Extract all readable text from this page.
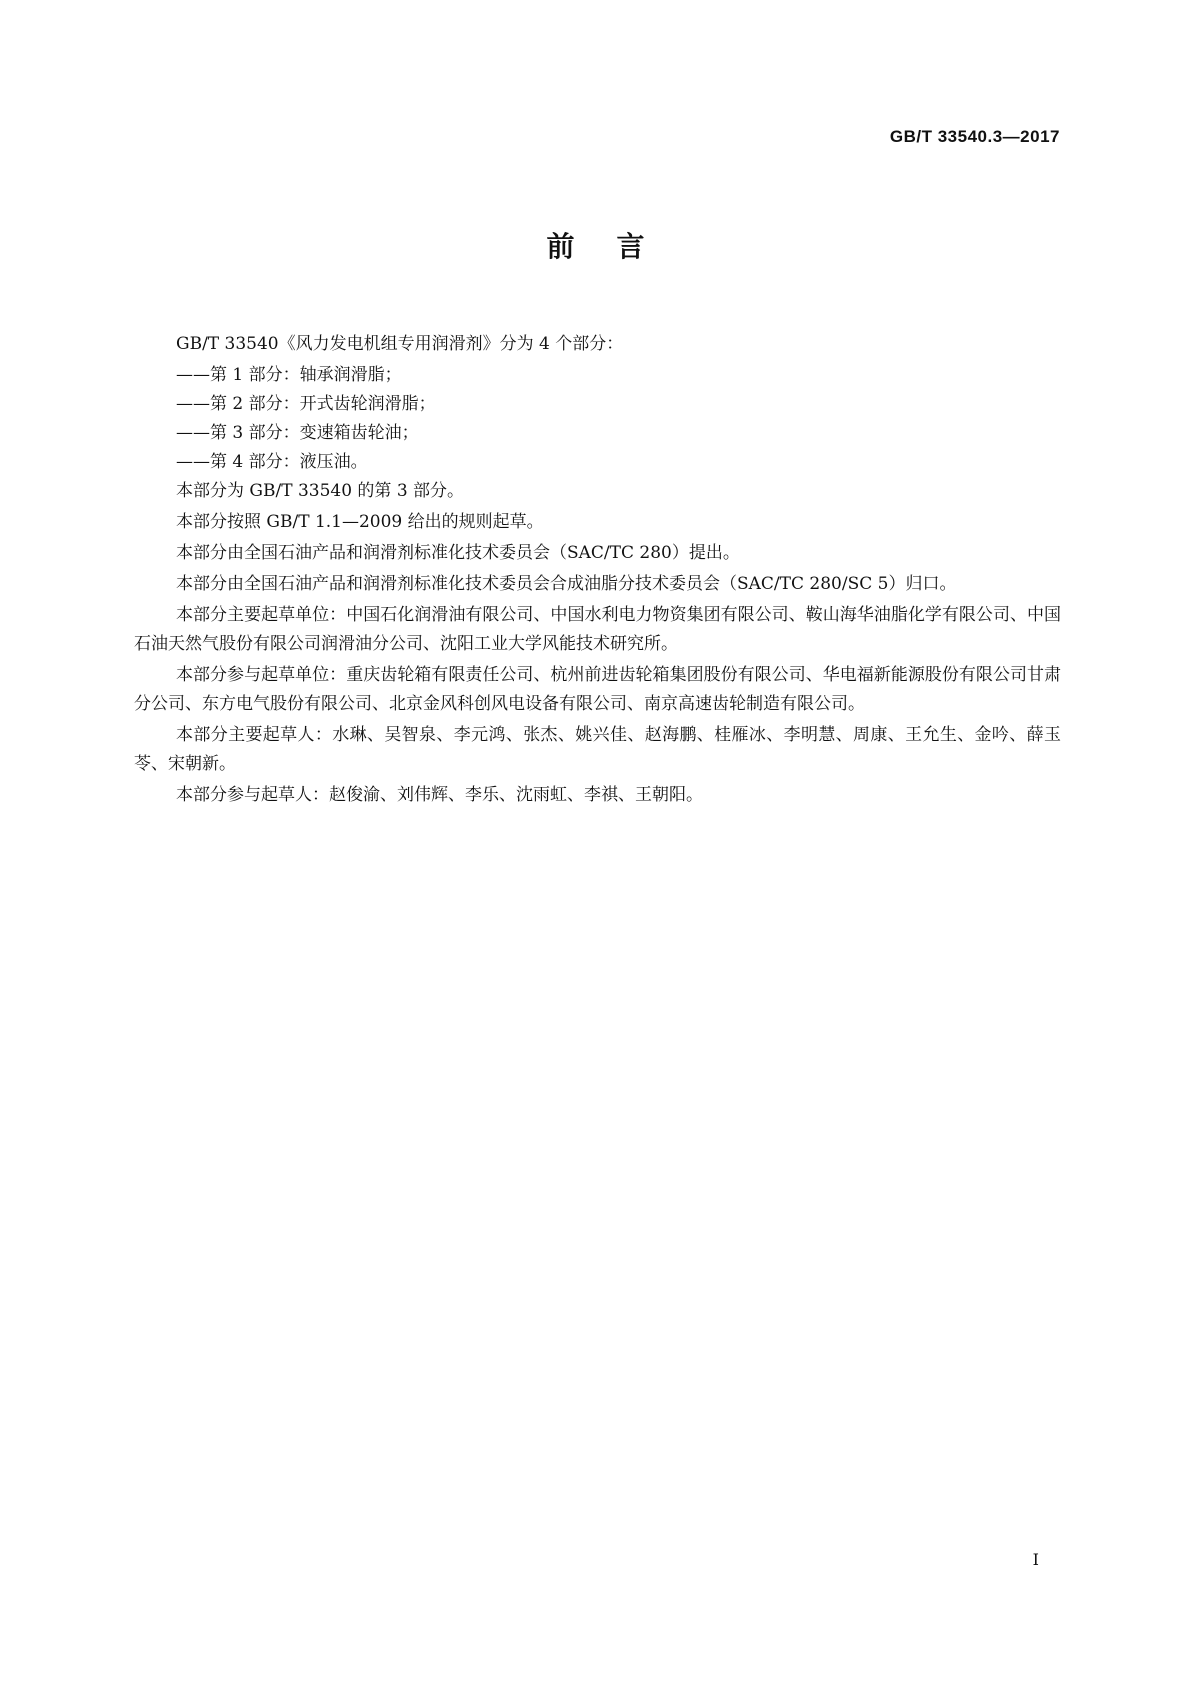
GB/T 33540.3—2017
前言

GB/T 33540《风力发电机组专用润滑剂》分为 4 个部分：

——第 1 部分：轴承润滑脂；

——第 2 部分：开式齿轮润滑脂；

——第 3 部分：变速箱齿轮油；

——第 4 部分：液压油。

本部分为 GB/T 33540 的第 3 部分。

本部分按照 GB/T 1.1—2009 给出的规则起草。

本部分由全国石油产品和润滑剂标准化技术委员会（SAC/TC 280）提出。

本部分由全国石油产品和润滑剂标准化技术委员会合成油脂分技术委员会（SAC/TC 280/SC 5）归口。

本部分主要起草单位：中国石化润滑油有限公司、中国水利电力物资集团有限公司、鞍山海华油脂化学有限公司、中国石油天然气股份有限公司润滑油分公司、沈阳工业大学风能技术研究所。

本部分参与起草单位：重庆齿轮箱有限责任公司、杭州前进齿轮箱集团股份有限公司、华电福新能源股份有限公司甘肃分公司、东方电气股份有限公司、北京金风科创风电设备有限公司、南京高速齿轮制造有限公司。

本部分主要起草人：水琳、吴智泉、李元鸿、张杰、姚兴佳、赵海鹏、桂雁冰、李明慧、周康、王允生、金吟、薛玉苓、宋朝新。

本部分参与起草人：赵俊渝、刘伟辉、李乐、沈雨虹、李祺、王朝阳。

I
